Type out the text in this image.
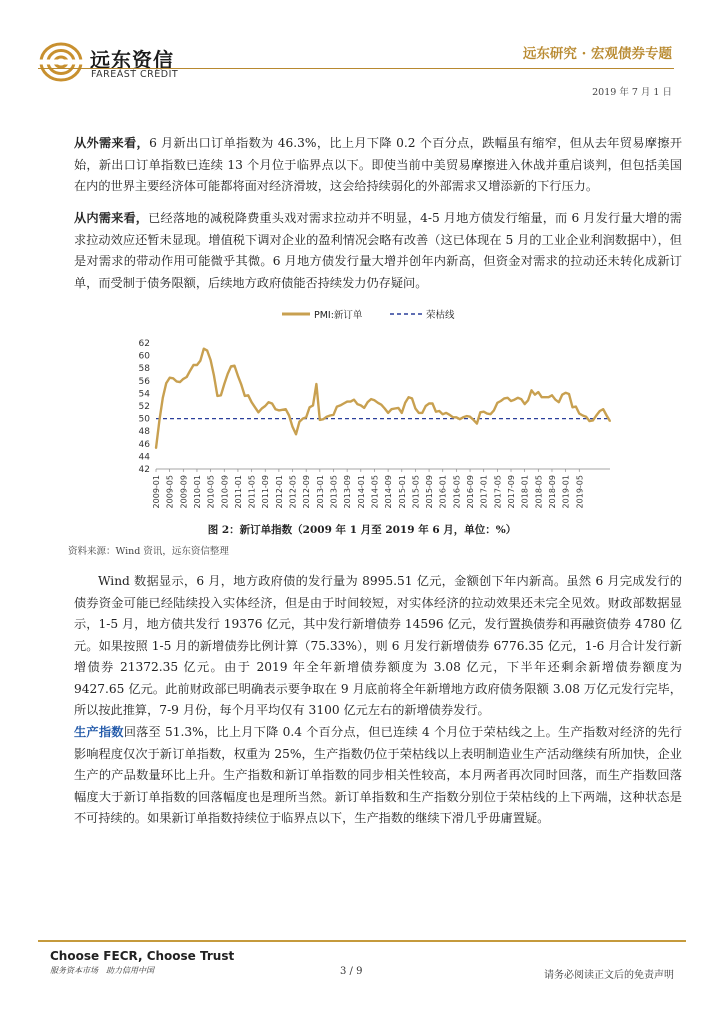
远东资信
FAREAST CREDIT
远东研究 · 宏观债券专题
2019 年 7 月 1 日
从外需来看，6 月新出口订单指数为 46.3%，比上月下降 0.2 个百分点，跌幅虽有缩窄，但从去年贸易摩擦开始，新出口订单指数已连续 13 个月位于临界点以下。即使当前中美贸易摩擦进入休战并重启谈判，但包括美国在内的世界主要经济体可能都将面对经济滑坡，这会给持续弱化的外部需求又增添新的下行压力。
从内需来看，已经落地的减税降费重头戏对需求拉动并不明显，4-5 月地方债发行缩量，而 6 月发行量大增的需求拉动效应还暂未显现。增值税下调对企业的盈利情况会略有改善（这已体现在 5 月的工业企业利润数据中），但是对需求的带动作用可能微乎其微。6 月地方债发行量大增并创年内新高，但资金对需求的拉动还未转化成新订单，而受制于债务限额，后续地方政府债能否持续发力仍存疑问。
PMI:新订单	荣枯线
42
44
46
48
50
52
54
56
58
60
62
2009-01 2009-05 2009-09 2010-01 2010-05 2010-09 2011-01 2011-05 2011-09 2012-01 2012-05 2012-09 2013-01 2013-05 2013-09 2014-01 2014-05 2014-09 2015-01 2015-05 2015-09 2016-01 2016-05 2016-09 2017-01 2017-05 2017-09 2018-01 2018-05 2018-09 2019-01 2019-05
图 2：新订单指数（2009 年 1 月至 2019 年 6 月，单位：%）
资料来源：Wind 资讯，远东资信整理
Wind 数据显示，6 月，地方政府债的发行量为 8995.51 亿元，金额创下年内新高。虽然 6 月完成发行的债券资金可能已经陆续投入实体经济，但是由于时间较短，对实体经济的拉动效果还未完全见效。财政部数据显示，1-5 月，地方债共发行 19376 亿元，其中发行新增债券 14596 亿元，发行置换债券和再融资债券 4780 亿元。如果按照 1-5 月的新增债券比例计算（75.33%），则 6 月发行新增债券 6776.35 亿元，1-6 月合计发行新增债券 21372.35 亿元。由于 2019 年全年新增债券额度为 3.08 亿元，下半年还剩余新增债券额度为 9427.65 亿元。此前财政部已明确表示要争取在 9 月底前将全年新增地方政府债务限额 3.08 万亿元发行完毕，所以按此推算，7-9 月份，每个月平均仅有 3100 亿元左右的新增债券发行。
生产指数回落至 51.3%，比上月下降 0.4 个百分点，但已连续 4 个月位于荣枯线之上。生产指数对经济的先行影响程度仅次于新订单指数，权重为 25%，生产指数仍位于荣枯线以上表明制造业生产活动继续有所加快，企业生产的产品数量环比上升。生产指数和新订单指数的同步相关性较高，本月两者再次同时回落，而生产指数回落幅度大于新订单指数的回落幅度也是理所当然。新订单指数和生产指数分别位于荣枯线的上下两端，这种状态是不可持续的。如果新订单指数持续位于临界点以下，生产指数的继续下滑几乎毋庸置疑。
Choose FECR, Choose Trust
服务资本市场　助力信用中国	3 / 9	请务必阅读正文后的免责声明
